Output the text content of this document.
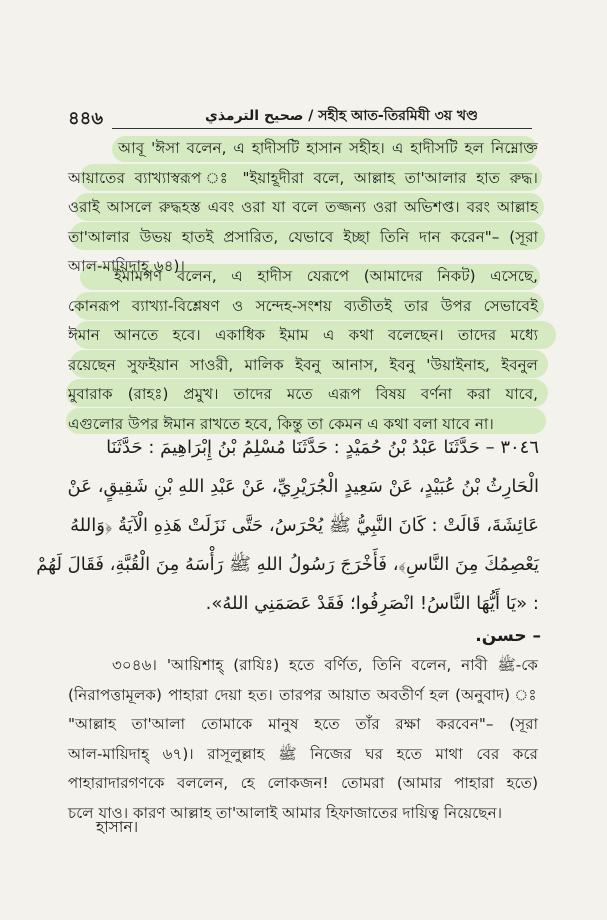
৪৪৬	صحيح الترمذي / সহীহ আত-তিরমিযী ৩য় খণ্ড
আবূ 'ঈসা বলেন, এ হাদীসটি হাসান সহীহ। এ হাদীসটি হল নিম্নোক্ত
আয়াতের ব্যাখ্যাস্বরূপ ঃ "ইয়াহূদীরা বলে, আল্লাহ তা'আলার হাত রুদ্ধ।
ওরাই আসলে রুদ্ধহস্ত এবং ওরা যা বলে তজ্জন্য ওরা অভিশপ্ত। বরং আল্লাহ
তা'আলার উভয় হাতই প্রসারিত, যেভাবে ইচ্ছা তিনি দান করেন"– (সূরা
আল-মায়িদাহ্ ৬৪)।
ইমামগণ বলেন, এ হাদীস যেরূপে (আমাদের নিকট) এসেছে,
কোনরূপ ব্যাখ্যা-বিশ্লেষণ ও সন্দেহ-সংশয় ব্যতীতই তার উপর সেভাবেই
ঈমান আনতে হবে। একাধিক ইমাম এ কথা বলেছেন। তাদের মধ্যে
রয়েছেন সুফইয়ান সাওরী, মালিক ইবনু আনাস, ইবনু 'উয়াইনাহ, ইবনুল
মুবারাক (রাহঃ) প্রমুখ। তাদের মতে এরূপ বিষয় বর্ণনা করা যাবে,
এগুলোর উপর ঈমান রাখতে হবে, কিন্তু তা কেমন এ কথা বলা যাবে না।
٣٠٤٦ – حَدَّثَنَا عَبْدُ بْنُ حُمَيْدٍ : حَدَّثَنَا مُسْلِمُ بْنُ إِبْرَاهِيمَ : حَدَّثَنَا
الْحَارِثُ بْنُ عُبَيْدٍ، عَنْ سَعِيدٍ الْجُرَيْرِيِّ، عَنْ عَبْدِ اللهِ بْنِ شَقِيقٍ، عَنْ
عَائِشَةَ، قَالَتْ : كَانَ النَّبِيُّ ﷺ يُحْرَسُ، حَتَّى نَزَلَتْ هَذِهِ الْآيَةُ ﴿وَاللهُ
يَعْصِمُكَ مِنَ النَّاسِ﴾، فَأَخْرَجَ رَسُولُ اللهِ ﷺ رَأْسَهُ مِنَ الْقُبَّةِ، فَقَالَ لَهُمْ
: «يَا أَيُّهَا النَّاسُ! انْصَرِفُوا؛ فَقَدْ عَصَمَنِي اللهُ».
– حسن.
৩০৪৬। 'আয়িশাহ্ (রাযিঃ) হতে বর্ণিত, তিনি বলেন, নাবী ﷺ-কে
(নিরাপত্তামূলক) পাহারা দেয়া হত। তারপর আয়াত অবতীর্ণ হল (অনুবাদ) ঃ
"আল্লাহ তা'আলা তোমাকে মানুষ হতে তাঁর রক্ষা করবেন"– (সূরা
আল-মায়িদাহ্ ৬৭)। রাসূলুল্লাহ ﷺ নিজের ঘর হতে মাথা বের করে
পাহারাদারগণকে বললেন, হে লোকজন! তোমরা (আমার পাহারা হতে)
চলে যাও। কারণ আল্লাহ তা'আলাই আমার হিফাজাতের দায়িত্ব নিয়েছেন।
হাসান।
